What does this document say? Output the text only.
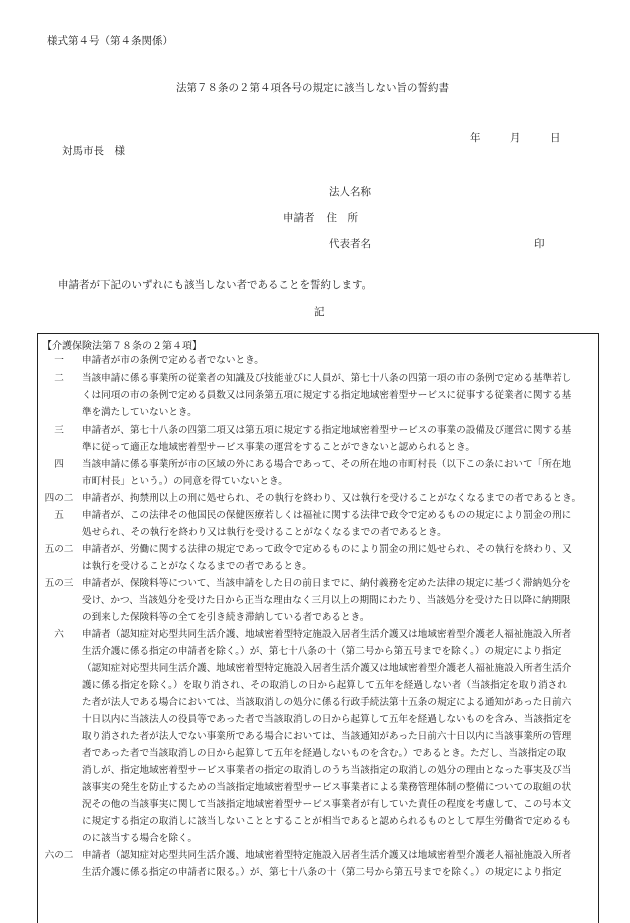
様式第４号（第４条関係）
法第７８条の２第４項各号の規定に該当しない旨の誓約書
年	月	日
対馬市長　様
法人名称
申請者 住　所
代表者名	印
申請者が下記のいずれにも該当しない者であることを誓約します。
記
【介護保険法第７８条の２第４項】
一	申請者が市の条例で定める者でないとき。
二	当該申請に係る事業所の従業者の知識及び技能並びに人員が、第七十八条の四第一項の市の条例で定める基準若し
くは同項の市の条例で定める員数又は同条第五項に規定する指定地域密着型サービスに従事する従業者に関する基
準を満たしていないとき。
三	申請者が、第七十八条の四第二項又は第五項に規定する指定地域密着型サービスの事業の設備及び運営に関する基
準に従って適正な地域密着型サービス事業の運営をすることができないと認められるとき。
四	当該申請に係る事業所が市の区域の外にある場合であって、その所在地の市町村長（以下この条において「所在地
市町村長」という。）の同意を得ていないとき。
四の二 申請者が、拘禁刑以上の刑に処せられ、その執行を終わり、又は執行を受けることがなくなるまでの者であるとき。
五	申請者が、この法律その他国民の保健医療若しくは福祉に関する法律で政令で定めるものの規定により罰金の刑に
処せられ、その執行を終わり又は執行を受けることがなくなるまでの者であるとき。
五の二 申請者が、労働に関する法律の規定であって政令で定めるものにより罰金の刑に処せられ、その執行を終わり、又
は執行を受けることがなくなるまでの者であるとき。
五の三 申請者が、保険料等について、当該申請をした日の前日までに、納付義務を定めた法律の規定に基づく滞納処分を
受け、かつ、当該処分を受けた日から正当な理由なく三月以上の期間にわたり、当該処分を受けた日以降に納期限
の到来した保険料等の全てを引き続き滞納している者であるとき。
六	申請者（認知症対応型共同生活介護、地域密着型特定施設入居者生活介護又は地域密着型介護老人福祉施設入所者
生活介護に係る指定の申請者を除く。）が、第七十八条の十（第二号から第五号までを除く。）の規定により指定
（認知症対応型共同生活介護、地域密着型特定施設入居者生活介護又は地域密着型介護老人福祉施設入所者生活介
護に係る指定を除く。）を取り消され、その取消しの日から起算して五年を経過しない者（当該指定を取り消され
た者が法人である場合においては、当該取消しの処分に係る行政手続法第十五条の規定による通知があった日前六
十日以内に当該法人の役員等であった者で当該取消しの日から起算して五年を経過しないものを含み、当該指定を
取り消された者が法人でない事業所である場合においては、当該通知があった日前六十日以内に当該事業所の管理
者であった者で当該取消しの日から起算して五年を経過しないものを含む。）であるとき。ただし、当該指定の取
消しが、指定地域密着型サービス事業者の指定の取消しのうち当該指定の取消しの処分の理由となった事実及び当
該事実の発生を防止するための当該指定地域密着型サービス事業者による業務管理体制の整備についての取組の状
況その他の当該事実に関して当該指定地域密着型サービス事業者が有していた責任の程度を考慮して、この号本文
に規定する指定の取消しに該当しないこととすることが相当であると認められるものとして厚生労働省で定めるも
のに該当する場合を除く。
六の二 申請者（認知症対応型共同生活介護、地域密着型特定施設入居者生活介護又は地域密着型介護老人福祉施設入所者
生活介護に係る指定の申請者に限る。）が、第七十八条の十（第二号から第五号までを除く。）の規定により指定
